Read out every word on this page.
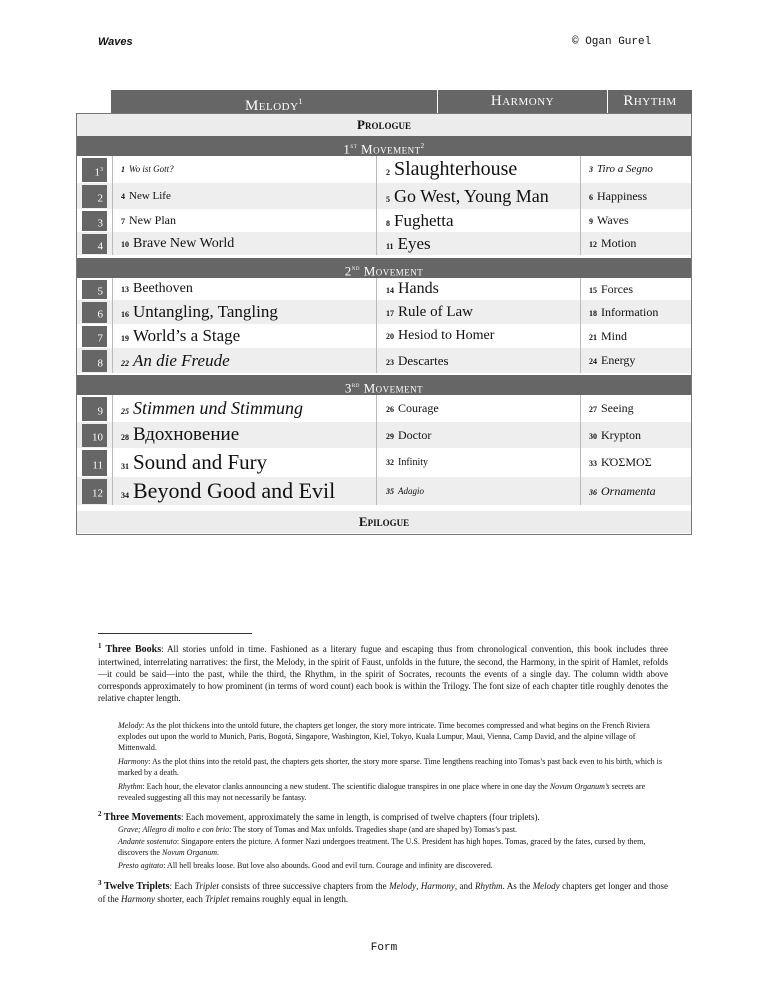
Waves	© Ogan Gurel
Melody$^1$	Harmony	Rhythm
Prologue
1st Movement$^2$
$1^3$	1 Wo ist Gott?	2 Slaughterhouse	3 Tiro a Segno
2	4 New Life	5 Go West, Young Man	6 Happiness
3	7 New Plan	8 Fughetta	9 Waves
4	10 Brave New World	11 Eyes	12 Motion
2nd Movement
5	13 Beethoven	14 Hands	15 Forces
6	16 Untangling, Tangling	17 Rule of Law	18 Information
7	19 World’s a Stage	20 Hesiod to Homer	21 Mind
8	22 An die Freude	23 Descartes	24 Energy
3rd Movement
9	25 Stimmen und Stimmung	26 Courage	27 Seeing
10	28 Вдохновение	29 Doctor	30 Krypton
11	31 Sound and Fury	32 Infinity	33 ΚΌΣΜΟΣ
12	34 Beyond Good and Evil	35 Adagio	36 Ornamenta
Epilogue
$^1$ Three Books: All stories unfold in time. Fashioned as a literary fugue and escaping thus from chronological convention, this book includes three intertwined, interrelating narratives: the first, the Melody, in the spirit of Faust, unfolds in the future, the second, the Harmony, in the spirit of Hamlet, refolds—it could be said—into the past, while the third, the Rhythm, in the spirit of Socrates, recounts the events of a single day. The column width above corresponds approximately to how prominent (in terms of word count) each book is within the Trilogy. The font size of each chapter title roughly denotes the relative chapter length.
Melody: As the plot thickens into the untold future, the chapters get longer, the story more intricate. Time becomes compressed and what begins on the French Riviera explodes out upon the world to Munich, Paris, Bogotá, Singapore, Washington, Kiel, Tokyo, Kuala Lumpur, Maui, Vienna, Camp David, and the alpine village of Mittenwald.
Harmony: As the plot thins into the retold past, the chapters gets shorter, the story more sparse. Time lengthens reaching into Tomas’s past back even to his birth, which is marked by a death.
Rhythm: Each hour, the elevator clanks announcing a new student. The scientific dialogue transpires in one place where in one day the Novum Organum’s secrets are revealed suggesting all this may not necessarily be fantasy.
$^2$ Three Movements: Each movement, approximately the same in length, is comprised of twelve chapters (four triplets).
Grave; Allegro di molto e con brio: The story of Tomas and Max unfolds. Tragedies shape (and are shaped by) Tomas’s past.
Andante sostenuto: Singapore enters the picture. A former Nazi undergoes treatment. The U.S. President has high hopes. Tomas, graced by the fates, cursed by them, discovers the Novum Organum.
Presto agitato: All hell breaks loose. But love also abounds. Good and evil turn. Courage and infinity are discovered.
$^3$ Twelve Triplets: Each Triplet consists of three successive chapters from the Melody, Harmony, and Rhythm. As the Melody chapters get longer and those of the Harmony shorter, each Triplet remains roughly equal in length.
Form
